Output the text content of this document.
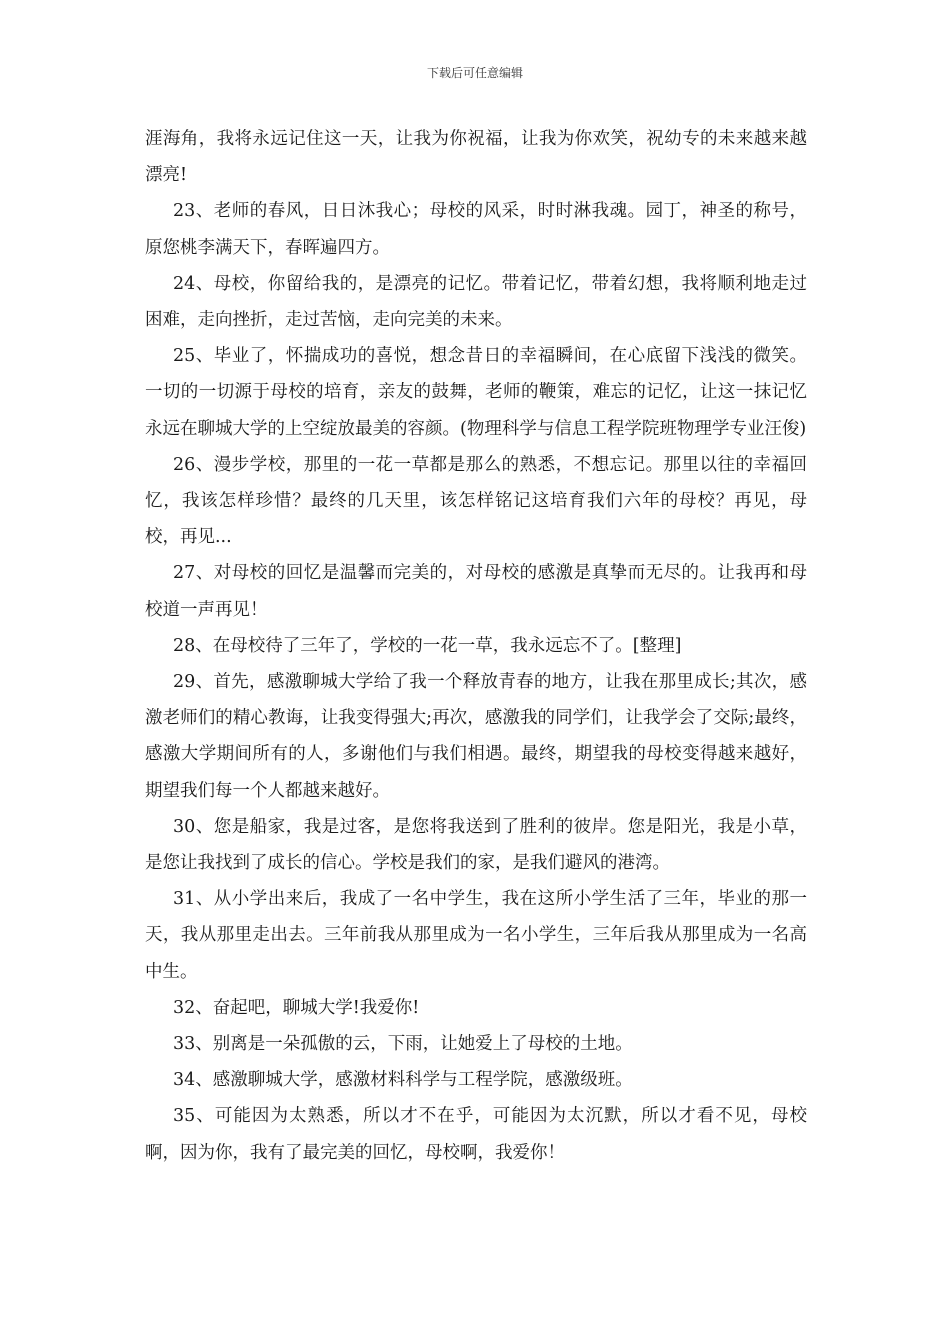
下载后可任意编辑

涯海角，我将永远记住这一天，让我为你祝福，让我为你欢笑，祝幼专的未来越来越漂亮!

23、老师的春风，日日沐我心；母校的风采，时时淋我魂。园丁，神圣的称号，原您桃李满天下，春晖遍四方。

24、母校，你留给我的，是漂亮的记忆。带着记忆，带着幻想，我将顺利地走过困难，走向挫折，走过苦恼，走向完美的未来。

25、毕业了，怀揣成功的喜悦，想念昔日的幸福瞬间，在心底留下浅浅的微笑。一切的一切源于母校的培育，亲友的鼓舞，老师的鞭策，难忘的记忆，让这一抹记忆永远在聊城大学的上空绽放最美的容颜。(物理科学与信息工程学院班物理学专业汪俊)

26、漫步学校，那里的一花一草都是那么的熟悉，不想忘记。那里以往的幸福回忆，我该怎样珍惜？最终的几天里，该怎样铭记这培育我们六年的母校？再见，母校，再见...

27、对母校的回忆是温馨而完美的，对母校的感激是真挚而无尽的。让我再和母校道一声再见！

28、在母校待了三年了，学校的一花一草，我永远忘不了。[整理]

29、首先，感激聊城大学给了我一个释放青春的地方，让我在那里成长;其次，感激老师们的精心教诲，让我变得强大;再次，感激我的同学们，让我学会了交际;最终，感激大学期间所有的人，多谢他们与我们相遇。最终，期望我的母校变得越来越好，期望我们每一个人都越来越好。

30、您是船家，我是过客，是您将我送到了胜利的彼岸。您是阳光，我是小草，是您让我找到了成长的信心。学校是我们的家，是我们避风的港湾。

31、从小学出来后，我成了一名中学生，我在这所小学生活了三年，毕业的那一天，我从那里走出去。三年前我从那里成为一名小学生，三年后我从那里成为一名高中生。

32、奋起吧，聊城大学!我爱你!

33、别离是一朵孤傲的云，下雨，让她爱上了母校的土地。

34、感激聊城大学，感激材料科学与工程学院，感激级班。

35、可能因为太熟悉，所以才不在乎，可能因为太沉默，所以才看不见，母校啊，因为你，我有了最完美的回忆，母校啊，我爱你！
